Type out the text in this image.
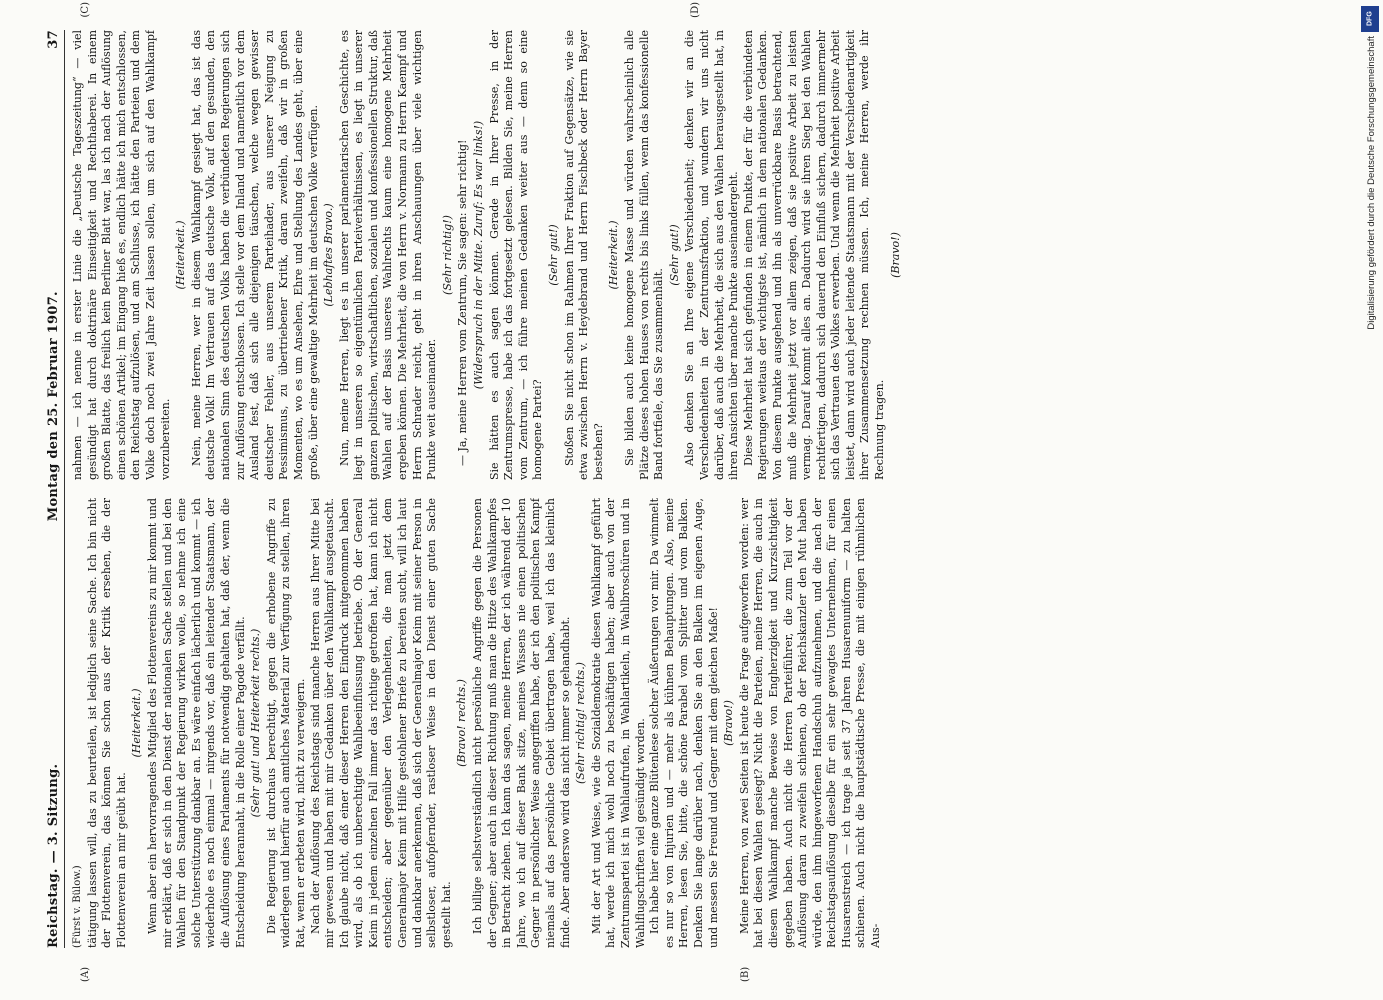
Reichstag. — 3. Sitzung.
Montag den 25. Februar 1907.
37

(Fürst v. Bülow.) tätigung lassen will, das zu beurteilen, ist lediglich seine Sache. Ich bin nicht der Flottenverein, das können Sie schon aus der Kritik ersehen, die der Flottenverein an mir geübt hat.

(Heiterkeit.) Wenn aber ein hervorragendes Mitglied des Flottenvereins zu mir kommt und mir erklärt, daß er sich in den Dienst der nationalen Sache stellen und bei den Wahlen für den Standpunkt der Regierung wirken wolle, so nehme ich eine solche Unterstützung dankbar an. Es wäre einfach lächerlich und kommt — ich wiederhole es noch einmal — nirgends vor, daß ein leitender Staatsmann, der die Auflösung eines Parlaments für notwendig gehalten hat, daß der, wenn die Entscheidung herannaht, in die Rolle einer Pagode verfällt. (Sehr gut! und Heiterkeit rechts.) Die Regierung ist durchaus berechtigt, gegen die erhobene Angriffe zu widerlegen und hierfür auch amtliches Material zur Verfügung zu stellen, ihren Rat, wenn er erbeten wird, nicht zu verweigern. Nach der Auflösung des Reichstags sind manche Herren aus Ihrer Mitte bei mir gewesen und haben mit mir Gedanken über den Wahlkampf ausgetauscht. Ich glaube nicht, daß einer dieser Herren den Eindruck mitgenommen haben wird, als ob ich unberechtigte Wahlbeeinflussung betriebe. Ob der General Keim in jedem einzelnen Fall immer das richtige getroffen hat, kann ich nicht entscheiden; aber gegenüber den Verlegenheiten, die man jetzt dem Generalmajor Keim mit Hilfe gestohlener Briefe zu bereiten sucht, will ich laut und dankbar anerkennen, daß sich der Generalmajor Keim mit seiner Person in selbstloser, aufopfernder, rastloser Weise in den Dienst einer guten Sache gestellt hat.

(Bravo! rechts.) Ich billige selbstverständlich nicht persönliche Angriffe gegen die Personen der Gegner; aber auch in dieser Richtung muß man die Hitze des Wahlkampfes in Betracht ziehen. Ich kann das sagen, meine Herren, der ich während der 10 Jahre, wo ich auf dieser Bank sitze, meines Wissens nie einen politischen Gegner in persönlicher Weise angegriffen habe, der ich den politischen Kampf niemals auf das persönliche Gebiet übertragen habe, weil ich das kleinlich finde. Aber anderswo wird das nicht immer so gehandhabt. (Sehr richtig! rechts.) Mit der Art und Weise, wie die Sozialdemokratie diesen Wahlkampf geführt hat, werde ich mich wohl noch zu beschäftigen haben; aber auch von der Zentrumspartei ist in Wahlaufrufen, in Wahlartikeln, in Wahlbroschüren und in Wahlflugschriften viel gesündigt worden. Ich habe hier eine ganze Blütenlese solcher Äußerungen vor mir. Da wimmelt es nur so von Injurien und — mehr als kühnen Behauptungen. Also, meine Herren, lesen Sie, bitte, die schöne Parabel vom Splitter und vom Balken. Denken Sie lange darüber nach, denken Sie an den Balken im eigenen Auge, und messen Sie Freund und Gegner mit dem gleichen Maße! (Bravo!) Meine Herren, von zwei Seiten ist heute die Frage aufgeworfen worden: wer hat bei diesen Wahlen gesiegt? Nicht die Parteien, meine Herren, die auch in diesem Wahlkampf manche Beweise von Engherzigkeit und Kurzsichtigkeit gegeben haben. Auch nicht die Herren Parteiführer, die zum Teil vor der Auflösung daran zu zweifeln schienen, ob der Reichskanzler den Mut haben würde, den ihm hingeworfenen Handschuh aufzunehmen, und die nach der Reichstagsauflösung dieselbe für ein sehr gewagtes Unternehmen, für einen Husarenstreich — ich trage ja seit 37 Jahren Husarenuniform — zu halten schienen. Auch nicht die hauptstädtische Presse, die mit einigen rühmlichen Aus-

nahmen — ich nenne in erster Linie die „Deutsche Tageszeitung“ — viel gesündigt hat durch doktrinäre Einseitigkeit und Rechthaberei. In einem großen Blatte, das freilich kein Berliner Blatt war, las ich nach der Auflösung einen schönen Artikel; im Eingang hieß es, endlich hätte ich mich entschlossen, den Reichstag aufzulösen, und am Schlusse, ich hätte den Parteien und dem Volke doch noch zwei Jahre Zeit lassen sollen, um sich auf den Wahlkampf vorzubereiten.

(Heiterkeit.) Nein, meine Herren, wer in diesem Wahlkampf gesiegt hat, das ist das deutsche Volk! Im Vertrauen auf das deutsche Volk, auf den gesunden, den nationalen Sinn des deutschen Volks haben die verbündeten Regierungen sich zur Auflösung entschlossen. Ich stelle vor dem Inland und namentlich vor dem Ausland fest, daß sich alle diejenigen täuschen, welche wegen gewisser deutscher Fehler, aus unserem Parteihader, aus unserer Neigung zu Pessimismus, zu übertriebener Kritik, daran zweifeln, daß wir in großen Momenten, wo es um Ansehen, Ehre und Stellung des Landes geht, über eine große, über eine gewaltige Mehrheit im deutschen Volke verfügen. (Lebhaftes Bravo.) Nun, meine Herren, liegt es in unserer parlamentarischen Geschichte, es liegt in unseren so eigentümlichen Parteiverhältnissen, es liegt in unserer ganzen politischen, wirtschaftlichen, sozialen und konfessionellen Struktur, daß Wahlen auf der Basis unseres Wahlrechts kaum eine homogene Mehrheit ergeben können. Die Mehrheit, die von Herrn v. Normann zu Herrn Kaempf und Herrn Schrader reicht, geht in ihren Anschauungen über viele wichtigen Punkte weit auseinander.

(Sehr richtig!) — Ja, meine Herren vom Zentrum, Sie sagen: sehr richtig! (Widerspruch in der Mitte. Zuruf: Es war links!) Sie hätten es auch sagen können. Gerade in Ihrer Presse, in der Zentrumspresse, habe ich das fortgesetzt gelesen. Bilden Sie, meine Herren vom Zentrum, — ich führe meinen Gedanken weiter aus — denn so eine homogene Partei?

(Sehr gut!) Stoßen Sie nicht schon im Rahmen Ihrer Fraktion auf Gegensätze, wie sie etwa zwischen Herrn v. Heydebrand und Herrn Fischbeck oder Herrn Bayer bestehen?

(Heiterkeit.) Sie bilden auch keine homogene Masse und würden wahrscheinlich alle Plätze dieses hohen Hauses von rechts bis links füllen, wenn das konfessionelle Band fortfiele, das Sie zusammenhält.

(Sehr gut!) Also denken Sie an Ihre eigene Verschiedenheit; denken wir an die Verschiedenheiten in der Zentrumsfraktion, und wundern wir uns nicht darüber, daß auch die Mehrheit, die sich aus den Wahlen herausgestellt hat, in ihren Ansichten über manche Punkte auseinandergeht. Diese Mehrheit hat sich gefunden in einem Punkte, der für die verbündeten Regierungen weitaus der wichtigste ist, nämlich in dem nationalen Gedanken. Von diesem Punkte ausgehend und ihn als unverrückbare Basis betrachtend, muß die Mehrheit jetzt vor allem zeigen, daß sie positive Arbeit zu leisten vermag. Darauf kommt alles an. Dadurch wird sie ihren Sieg bei den Wahlen rechtfertigen, dadurch sich dauernd den Einfluß sichern, dadurch immermehr sich das Vertrauen des Volkes erwerben. Und wenn die Mehrheit positive Arbeit leistet, dann wird auch jeder leitende Staatsmann mit der Verschiedenartigkeit ihrer Zusammensetzung rechnen müssen. Ich, meine Herren, werde ihr Rechnung tragen.

(Bravo!)

(A)	(B)
(C)	(D)
DFG
Digitalisierung gefördert durch die Deutsche Forschungsgemeinschaft
